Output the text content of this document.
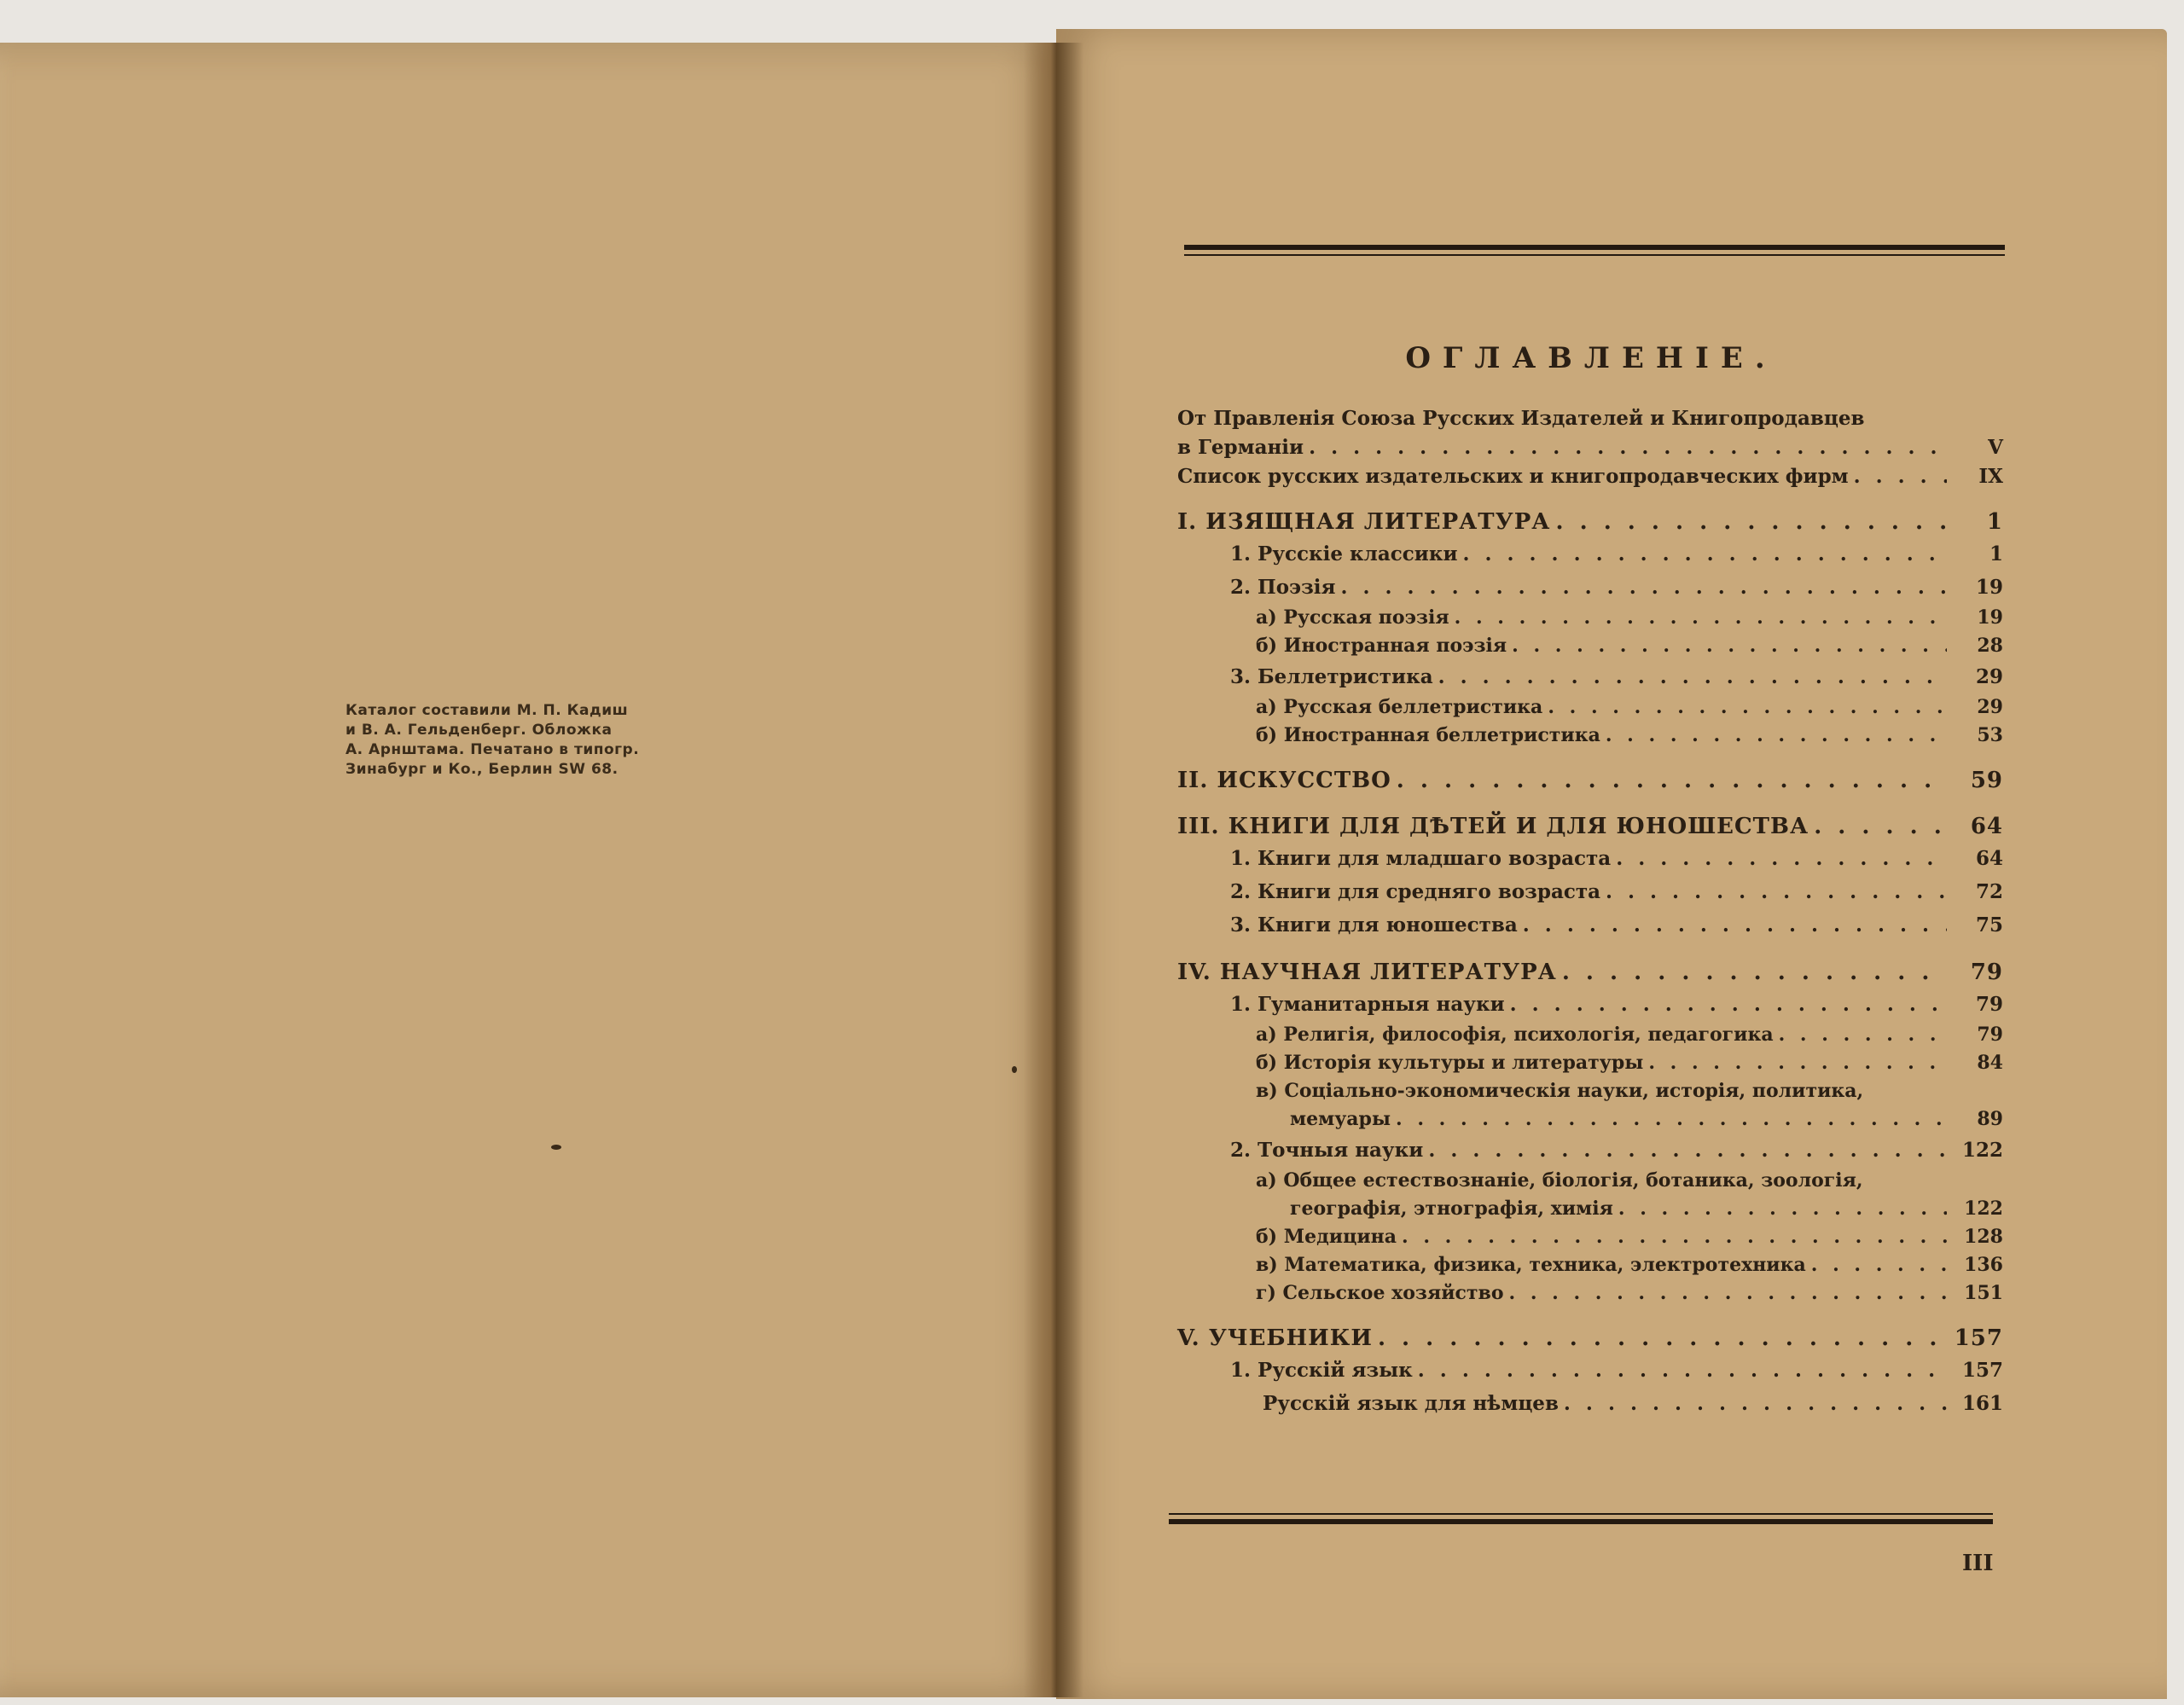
Каталог составили М. П. Кадиш
и В. А. Гельденберг. Обложка
А. Арнштама. Печатано в типогр.
Зинабург и Ко., Берлин SW 68.
ОГЛАВЛЕНIЕ.
От Правленія Союза Русских Издателей и Книгопродавцев
в Германіи . . .	V
Список русских издательских и книгопродавческих фирм . . .	IX
I. ИЗЯЩНАЯ ЛИТЕРАТУРА . . .	1
1. Русскіе классики . . .	1
2. Поэзія . . .	19
а) Русская поэзія . . .	19
б) Иностранная поэзія . . .	28
3. Беллетристика . . .	29
а) Русская беллетристика . . .	29
б) Иностранная беллетристика . . .	53
II. ИСКУССТВО . . .	59
III. КНИГИ ДЛЯ ДѢТЕЙ И ДЛЯ ЮНОШЕСТВА . . .	64
1. Книги для младшаго возраста . . .	64
2. Книги для средняго возраста . . .	72
3. Книги для юношества . . .	75
IV. НАУЧНАЯ ЛИТЕРАТУРА . . .	79
1. Гуманитарныя науки . . .	79
а) Религія, философія, психологія, педагогика . . .	79
б) Исторія культуры и литературы . . .	84
в) Соціально-экономическія науки, исторія, политика,
мемуары . . .	89
2. Точныя науки . . .	122
а) Общее естествознаніе, біологія, ботаника, зоологія,
географія, этнографія, химія . . .	122
б) Медицина . . .	128
в) Математика, физика, техника, электротехника . . .	136
г) Сельское хозяйство . . .	151
V. УЧЕБНИКИ . . .	157
1. Русскій язык . . .	157
Русскій язык для нѣмцев . . .	161
III
